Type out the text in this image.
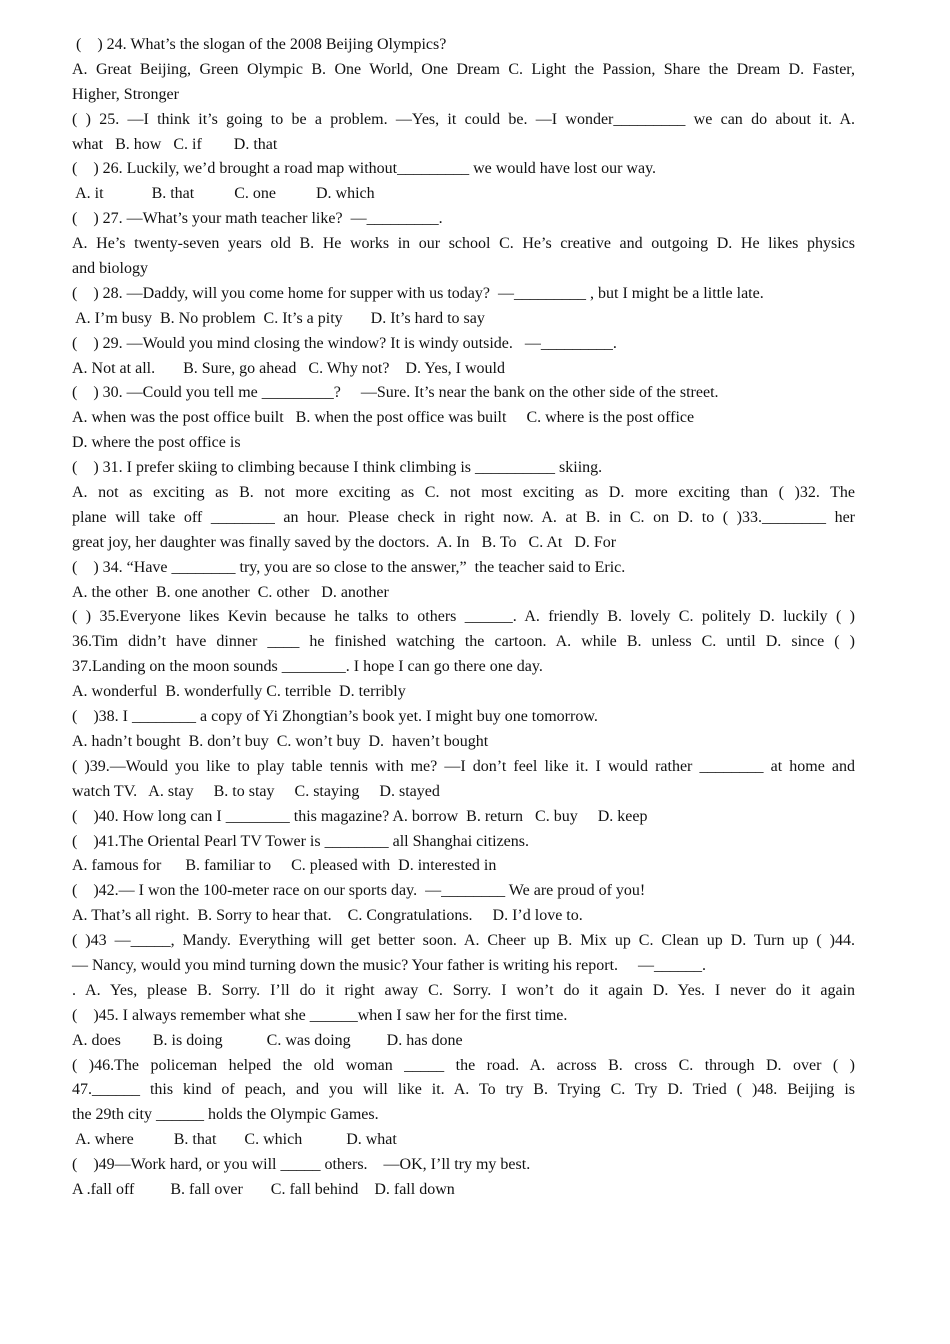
(    ) 24. What’s the slogan of the 2008 Beijing Olympics?
A. Great Beijing, Green Olympic B. One World, One Dream C. Light the Passion, Share the Dream D. Faster,
Higher, Stronger
( ) 25. —I think it’s going to be a problem. —Yes, it could be. —I wonder_________ we can do about it. A.
what   B. how   C. if        D. that
(    ) 26. Luckily, we’d brought a road map without_________ we would have lost our way.
A. it            B. that          C. one          D. which
(    ) 27. —What’s your math teacher like?  —_________.
A. He’s twenty-seven years old B. He works in our school C. He’s creative and outgoing D. He likes physics
and biology
(    ) 28. —Daddy, will you come home for supper with us today?  —_________ , but I might be a little late.
A. I’m busy  B. No problem  C. It’s a pity       D. It’s hard to say
(    ) 29. —Would you mind closing the window? It is windy outside.   —_________.
A. Not at all.       B. Sure, go ahead   C. Why not?    D. Yes, I would
(    ) 30. —Could you tell me _________?     —Sure. It’s near the bank on the other side of the street.
A. when was the post office built   B. when the post office was built     C. where is the post office
D. where the post office is
(    ) 31. I prefer skiing to climbing because I think climbing is __________ skiing.
A. not as exciting as B. not more exciting as C. not most exciting as D. more exciting than ( )32. The
plane will take off ________ an hour. Please check in right now. A. at B. in C. on D. to ( )33.________ her
great joy, her daughter was finally saved by the doctors.  A. In   B. To   C. At   D. For
(    ) 34. “Have ________ try, you are so close to the answer,”  the teacher said to Eric.
A. the other  B. one another  C. other   D. another
( ) 35.Everyone likes Kevin because he talks to others ______. A. friendly B. lovely C. politely D. luckily ( )
36.Tim didn’t have dinner ____ he finished watching the cartoon. A. while B. unless C. until D. since ( )
37.Landing on the moon sounds ________. I hope I can go there one day.
A. wonderful  B. wonderfully C. terrible  D. terribly
(    )38. I ________ a copy of Yi Zhongtian’s book yet. I might buy one tomorrow.
A. hadn’t bought  B. don’t buy  C. won’t buy  D.  haven’t bought
( )39.—Would you like to play table tennis with me? —I don’t feel like it. I would rather ________ at home and
watch TV.   A. stay     B. to stay     C. staying     D. stayed
(    )40. How long can I ________ this magazine? A. borrow  B. return   C. buy     D. keep
(    )41.The Oriental Pearl TV Tower is ________ all Shanghai citizens.
A. famous for      B. familiar to     C. pleased with  D. interested in
(    )42.— I won the 100-meter race on our sports day.  —________ We are proud of you!
A. That’s all right.  B. Sorry to hear that.    C. Congratulations.     D. I’d love to.
( )43 —_____, Mandy. Everything will get better soon. A. Cheer up B. Mix up C. Clean up D. Turn up ( )44.
— Nancy, would you mind turning down the music? Your father is writing his report.     —______.
. A. Yes, please B. Sorry. I’ll do it right away C. Sorry. I won’t do it again D. Yes. I never do it again
(    )45. I always remember what she ______when I saw her for the first time.
A. does        B. is doing           C. was doing         D. has done
( )46.The policeman helped the old woman _____ the road. A. across B. cross C. through D. over ( )
47.______ this kind of peach, and you will like it. A. To try B. Trying C. Try D. Tried ( )48. Beijing is
the 29th city ______ holds the Olympic Games.
A. where          B. that       C. which           D. what
(    )49—Work hard, or you will _____ others.    —OK, I’ll try my best.
A .fall off         B. fall over       C. fall behind    D. fall down
